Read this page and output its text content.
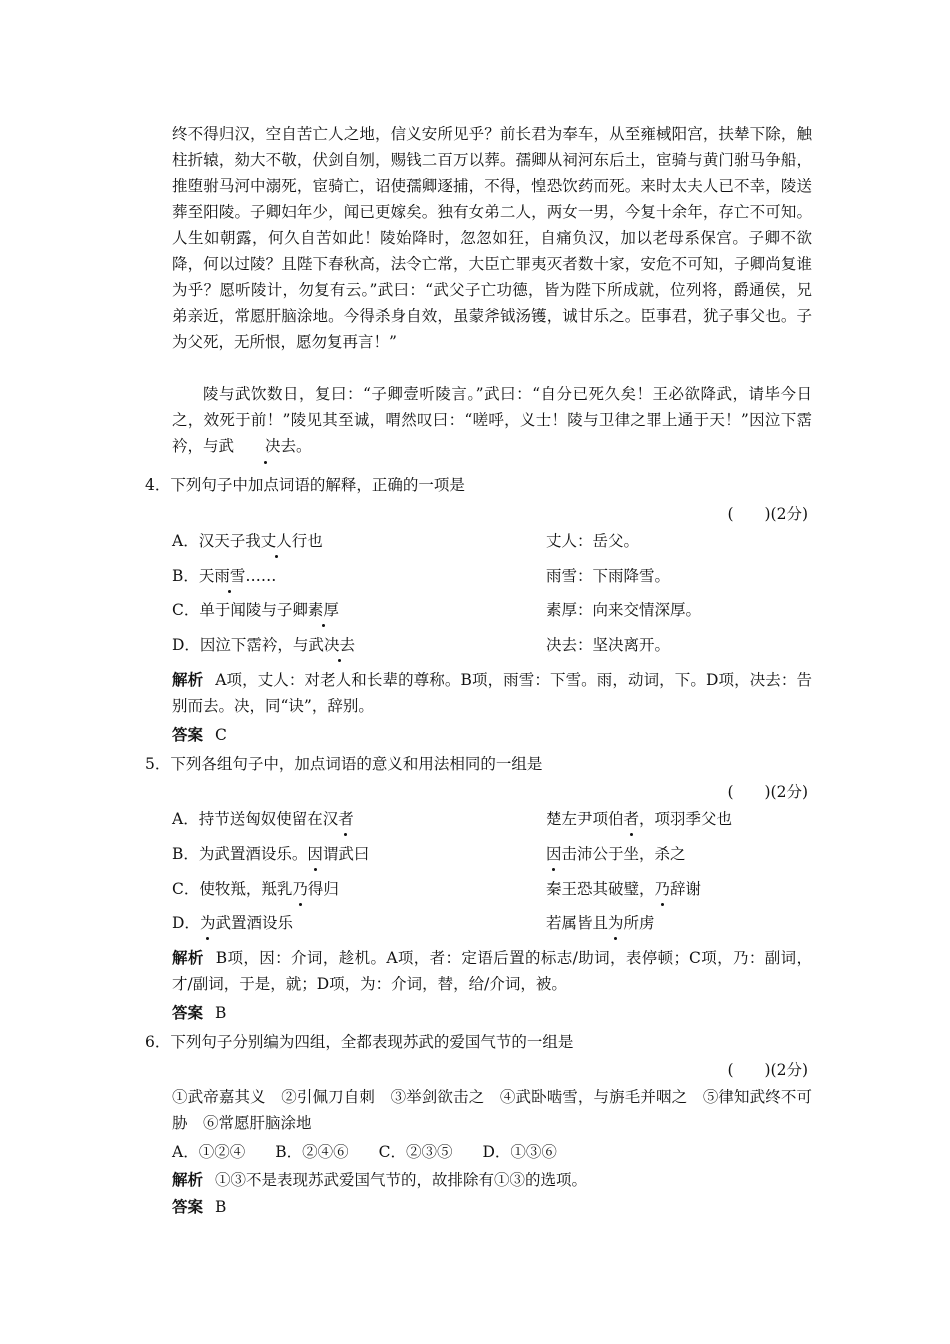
终不得归汉，空自苦亡人之地，信义安所见乎？前长君为奉车，从至雍棫阳宫，扶辇下除，触柱折辕，劾大不敬，伏剑自刎，赐钱二百万以葬。孺卿从祠河东后土，宦骑与黄门驸马争船，推堕驸马河中溺死，宦骑亡，诏使孺卿逐捕，不得，惶恐饮药而死。来时太夫人已不幸，陵送葬至阳陵。子卿妇年少，闻已更嫁矣。独有女弟二人，两女一男，今复十余年，存亡不可知。人生如朝露，何久自苦如此！陵始降时，忽忽如狂，自痛负汉，加以老母系保宫。子卿不欲降，何以过陵？且陛下春秋高，法令亡常，大臣亡罪夷灭者数十家，安危不可知，子卿尚复谁为乎？愿听陵计，勿复有云。”武曰：“武父子亡功德，皆为陛下所成就，位列将，爵通侯，兄弟亲近，常愿肝脑涂地。今得杀身自效，虽蒙斧钺汤镬，诚甘乐之。臣事君，犹子事父也。子为父死，无所恨，愿勿复再言！”
陵与武饮数日，复曰：“子卿壹听陵言。”武曰：“自分已死久矣！王必欲降武，请毕今日之，效死于前！”陵见其至诚，喟然叹曰：“嗟呼，义士！陵与卫律之罪上通于天！”因泣下霑衿，与武 决去。
4．下列句子中加点词语的解释，正确的一项是
(　　)(2分)
A．汉天子我丈人行也	丈人：岳父。
B．天雨雪……	雨雪：下雨降雪。
C．单于闻陵与子卿素厚	素厚：向来交情深厚。
D．因泣下霑衿，与武决去	决去：坚决离开。
解析 A项，丈人：对老人和长辈的尊称。B项，雨雪：下雪。雨，动词，下。D项，决去：告别而去。决，同“诀”，辞别。
答案 C
5．下列各组句子中，加点词语的意义和用法相同的一组是
(　　)(2分)
A．持节送匈奴使留在汉者	楚左尹项伯者，项羽季父也
B．为武置酒设乐。因谓武曰	因击沛公于坐，杀之
C．使牧羝，羝乳乃得归	秦王恐其破璧，乃辞谢
D．为武置酒设乐	若属皆且为所虏
解析 B项，因：介词，趁机。A项，者：定语后置的标志/助词，表停顿；C项，乃：副词，才/副词，于是，就；D项，为：介词，替，给/介词，被。
答案 B
6．下列句子分别编为四组，全都表现苏武的爱国气节的一组是
(　　)(2分)
①武帝嘉其义　②引佩刀自刺　③举剑欲击之　④武卧啮雪，与旃毛并咽之　⑤律知武终不可胁　⑥常愿肝脑涂地
A．①②④ B．②④⑥ C．②③⑤ D．①③⑥
解析 ①③不是表现苏武爱国气节的，故排除有①③的选项。
答案 B
